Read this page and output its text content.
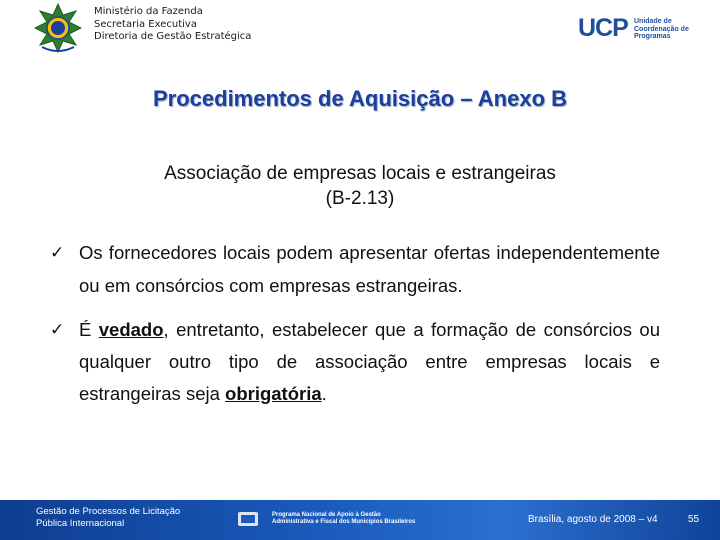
Ministério da Fazenda
Secretaria Executiva
Diretoria de Gestão Estratégica	UCP Unidade de
Coordenação de
Programas
Procedimentos de Aquisição – Anexo B
Associação de empresas locais e estrangeiras
(B-2.13)
✓ Os fornecedores locais podem apresentar ofertas independentemente ou em consórcios com empresas estrangeiras.
✓ É vedado, entretanto, estabelecer que a formação de consórcios ou qualquer outro tipo de associação entre empresas locais e estrangeiras seja obrigatória.
Gestão de Processos de Licitação
Pública Internacional
Programa Nacional de Apoio à Gestão
Administrativa e Fiscal dos Municípios Brasileiros	Brasília, agosto de 2008 – v4	55
